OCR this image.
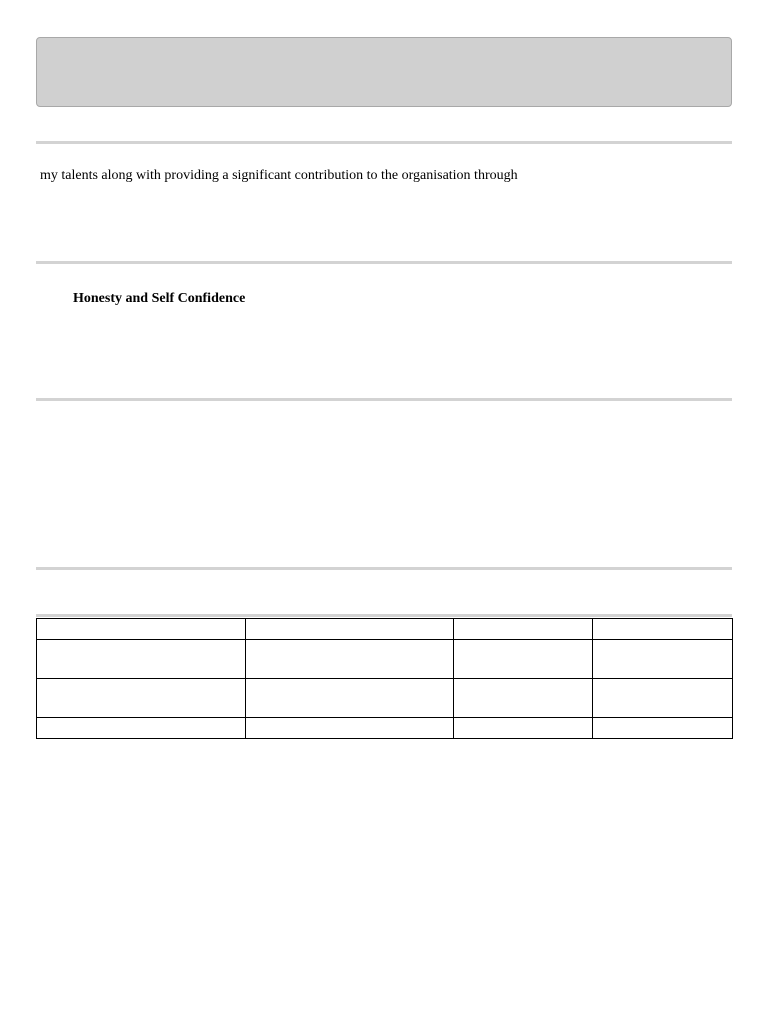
my talents along with providing a significant contribution to the organisation through
Honesty and Self Confidence
